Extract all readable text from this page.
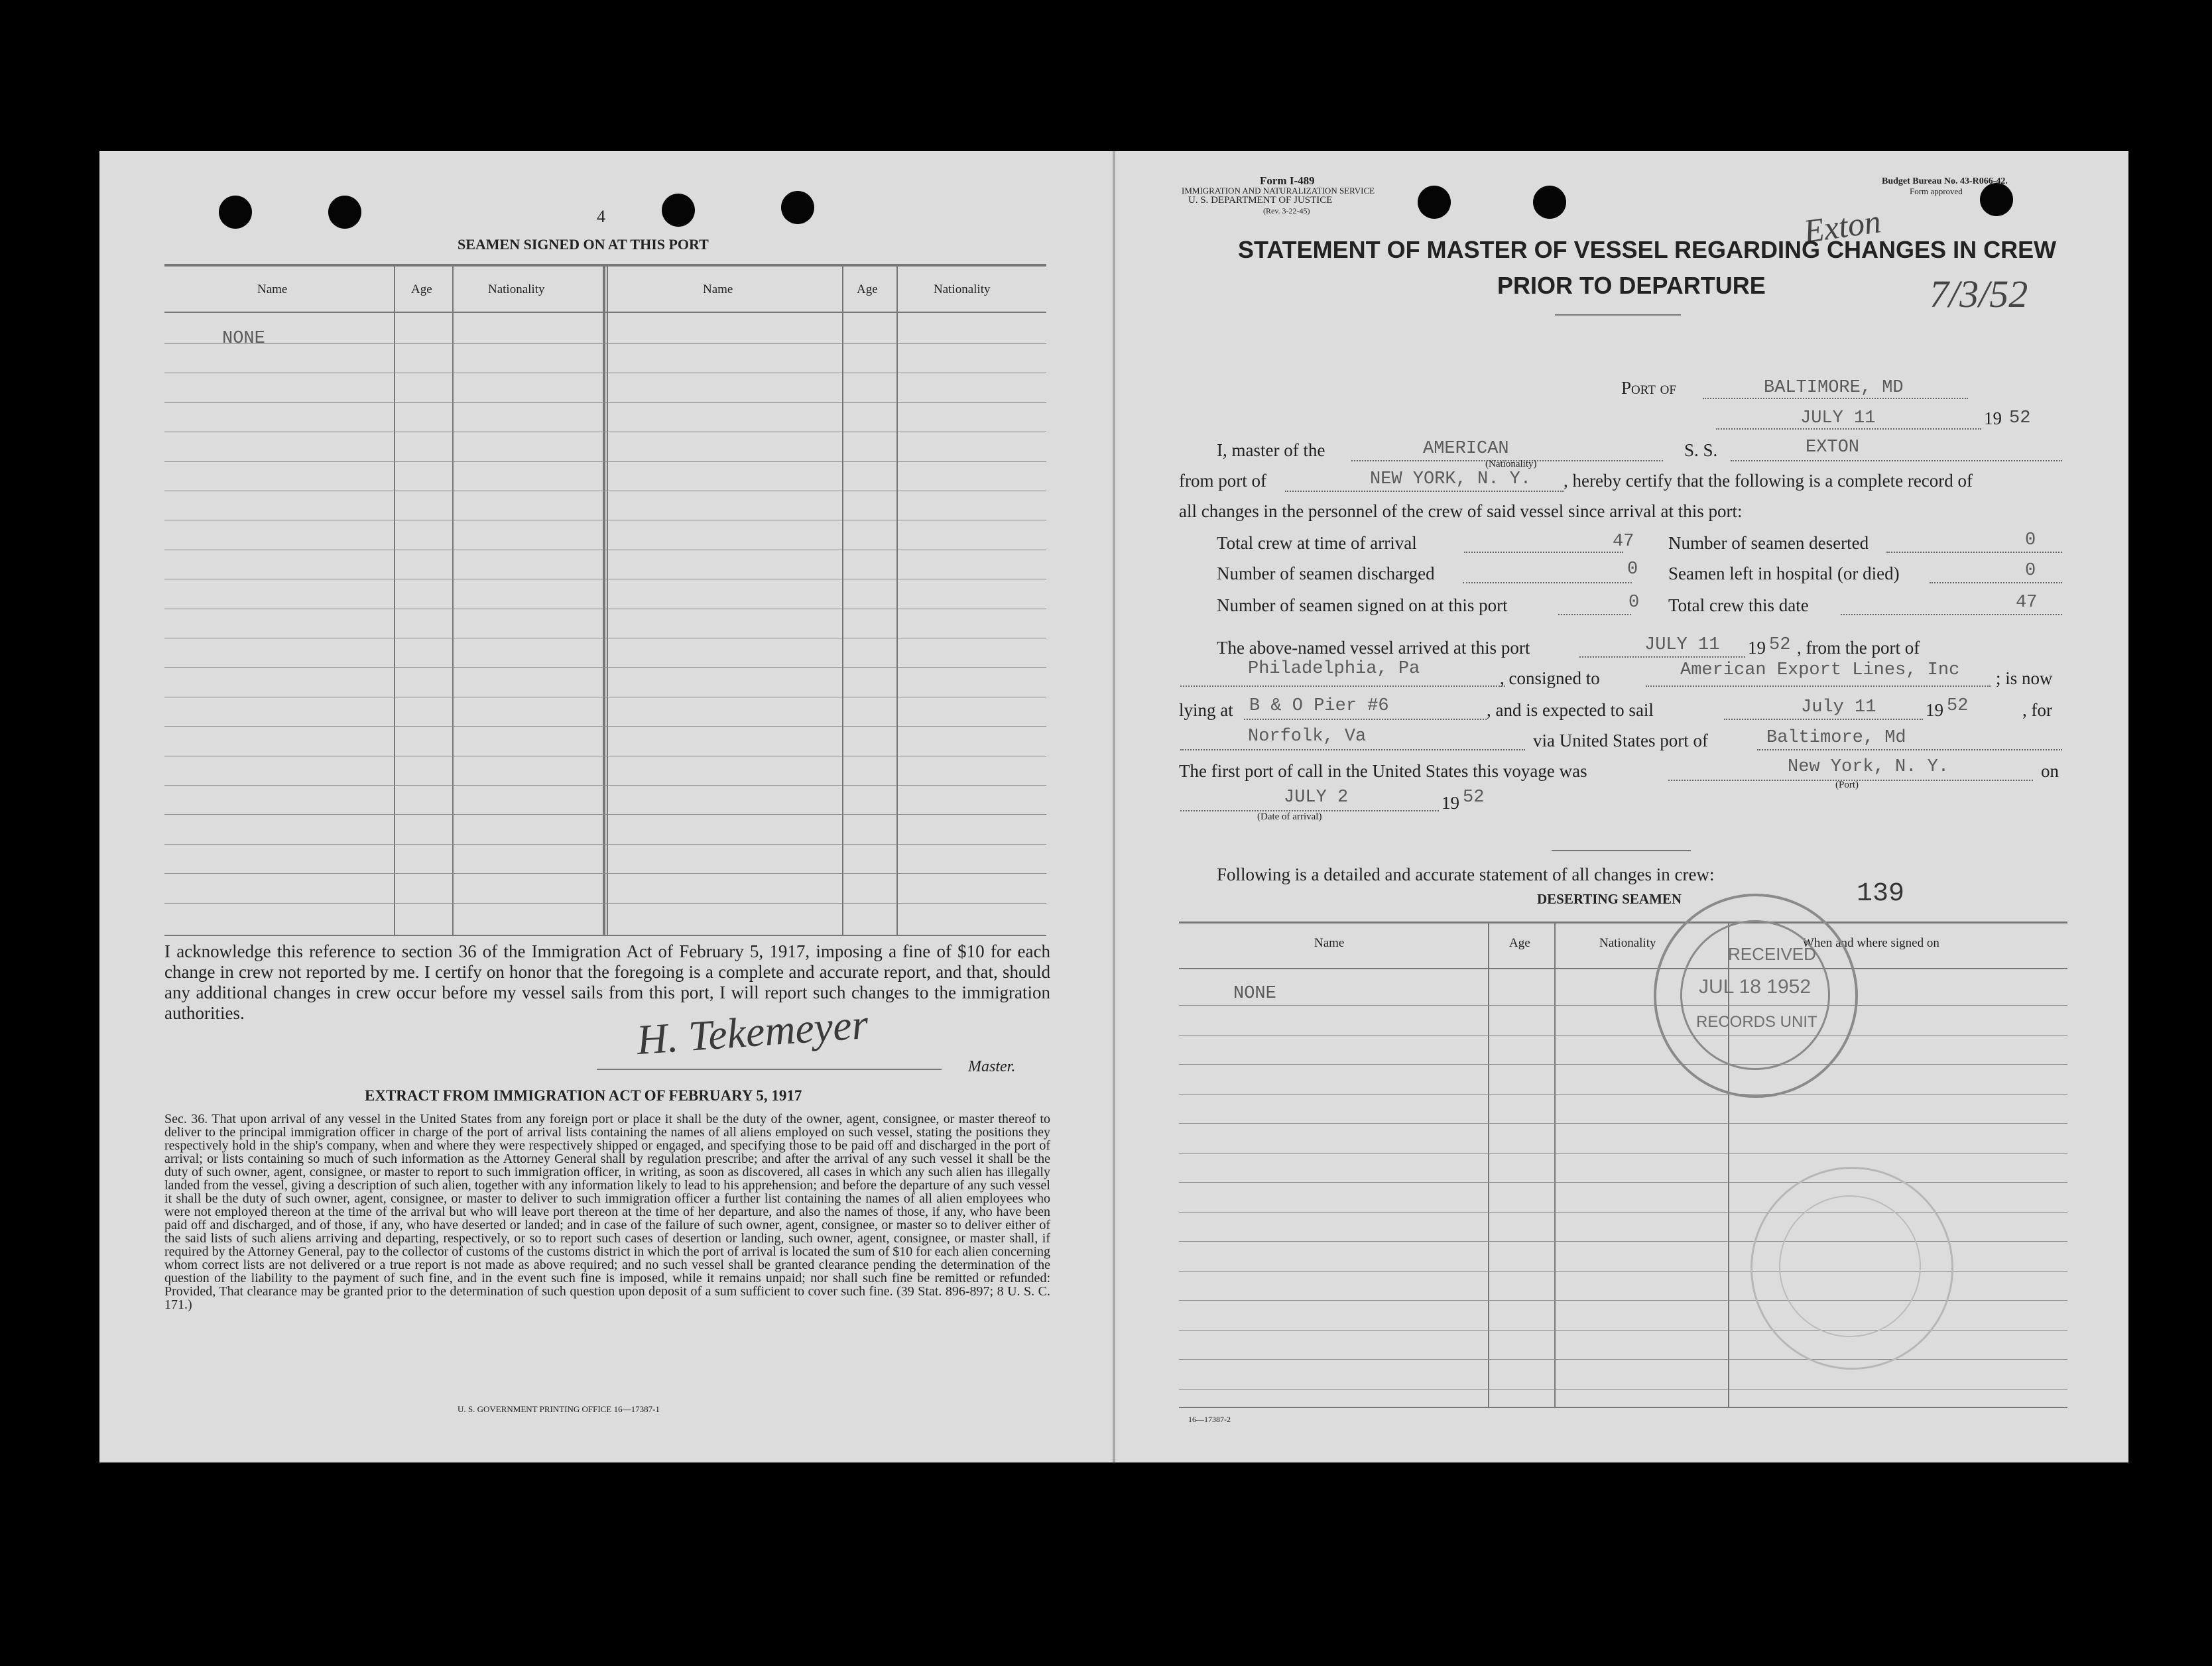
4
SEAMEN SIGNED ON AT THIS PORT
Name	Age	Nationality	Name	Age	Nationality
NONE
I acknowledge this reference to section 36 of the Immigration Act of February 5, 1917, imposing a fine of $10 for each change in crew not reported by me. I certify on honor that the foregoing is a complete and accurate report, and that, should any additional changes in crew occur before my vessel sails from this port, I will report such changes to the immigration authorities.	H. Tekemeyer
Master.
EXTRACT FROM IMMIGRATION ACT OF FEBRUARY 5, 1917
Sec. 36. That upon arrival of any vessel in the United States from any foreign port or place it shall be the duty of the owner, agent, consignee, or master thereof to deliver to the principal immigration officer in charge of the port of arrival lists containing the names of all aliens employed on such vessel, stating the positions they respectively hold in the ship's company, when and where they were respectively shipped or engaged, and specifying those to be paid off and discharged in the port of arrival; or lists containing so much of such information as the Attorney General shall by regulation prescribe; and after the arrival of any such vessel it shall be the duty of such owner, agent, consignee, or master to report to such immigration officer, in writing, as soon as discovered, all cases in which any such alien has illegally landed from the vessel, giving a description of such alien, together with any information likely to lead to his apprehension; and before the departure of any such vessel it shall be the duty of such owner, agent, consignee, or master to deliver to such immigration officer a further list containing the names of all alien employees who were not employed thereon at the time of the arrival but who will leave port thereon at the time of her departure, and also the names of those, if any, who have been paid off and discharged, and of those, if any, who have deserted or landed; and in case of the failure of such owner, agent, consignee, or master so to deliver either of the said lists of such aliens arriving and departing, respectively, or so to report such cases of desertion or landing, such owner, agent, consignee, or master shall, if required by the Attorney General, pay to the collector of customs of the customs district in which the port of arrival is located the sum of $10 for each alien concerning whom correct lists are not delivered or a true report is not made as above required; and no such vessel shall be granted clearance pending the determination of the question of the liability to the payment of such fine, and in the event such fine is imposed, while it remains unpaid; nor shall such fine be remitted or refunded: Provided, That clearance may be granted prior to the determination of such question upon deposit of a sum sufficient to cover such fine. (39 Stat. 896-897; 8 U. S. C. 171.)
U. S. GOVERNMENT PRINTING OFFICE 16—17387-1
Form I-489
IMMIGRATION AND NATURALIZATION SERVICE
U. S. DEPARTMENT OF JUSTICE
(Rev. 3-22-45)
Budget Bureau No. 43-R066-42.
Form approved
Exton
STATEMENT OF MASTER OF VESSEL REGARDING CHANGES IN CREW
PRIOR TO DEPARTURE	7/3/52
Port of	BALTIMORE, MD
JULY 11	19 52
I, master of the	AMERICAN
(Nationality)
S. S.	EXTON
from port of	NEW YORK, N. Y. , hereby certify that the following is a complete record of
all changes in the personnel of the crew of said vessel since arrival at this port:
Total crew at time of arrival	47 Number of seamen deserted	0
Number of seamen discharged	0 Seamen left in hospital (or died)	0
Number of seamen signed on at this port	0 Total crew this date	47
The above-named vessel arrived at this port	JULY 11 19 52 , from the port of
Philadelphia, Pa	, consigned to	American Export Lines, Inc ; is now
lying at B & O Pier #6	, and is expected to sail	July 11	19 52	, for
Norfolk, Va	via United States port of	Baltimore, Md
The first port of call in the United States this voyage was	New York, N. Y.
(Port)
on
JULY 2	19 52
(Date of arrival)
Following is a detailed and accurate statement of all changes in crew:
DESERTING SEAMEN	139
Name	Age	Nationality	When and where signed on
NONE
16—17387-2
RECEIVED
JUL 18 1952
RECORDS UNIT
